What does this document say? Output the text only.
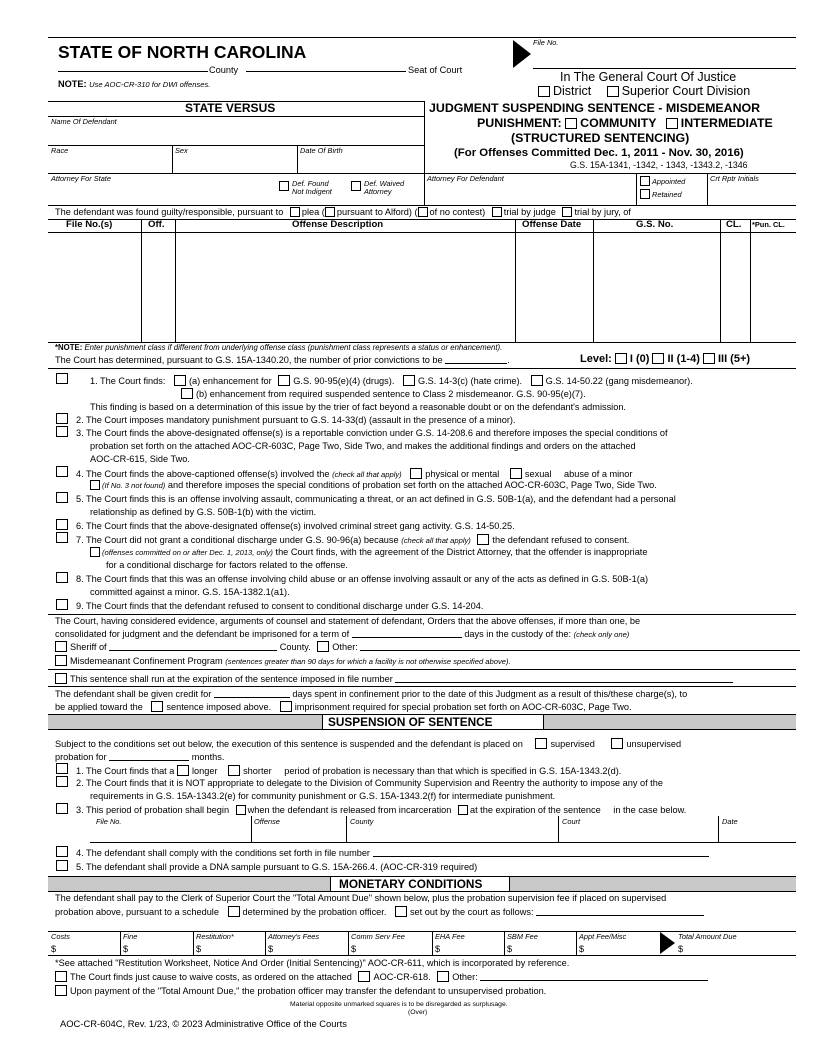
STATE OF NORTH CAROLINA
County	Seat of Court
NOTE: Use AOC-CR-310 for DWI offenses.
File No.
In The General Court Of Justice
District Superior Court Division
STATE VERSUS
Name Of Defendant
Race	Sex	Date Of Birth
Attorney For State
Def. Found
Not Indigent
Def. Waived
Attorney
JUDGMENT SUSPENDING SENTENCE - MISDEMEANOR
PUNISHMENT: COMMUNITY INTERMEDIATE
(STRUCTURED SENTENCING)
(For Offenses Committed Dec. 1, 2011 - Nov. 30, 2016)
G.S. 15A-1341, -1342, - 1343, -1343.2, -1346
Attorney For Defendant	Appointed
Retained
Crt Rptr Initials
The defendant was found guilty/responsible, pursuant to plea ( pursuant to Alford) ( of no contest) trial by judge trial by jury, of
File No.(s)	Off.	Offense Description	Offense Date	G.S. No.	CL. *Pun. CL.
*NOTE: Enter punishment class if different from underlying offense class (punishment class represents a status or enhancement).
The Court has determined, pursuant to G.S. 15A-1340.20, the number of prior convictions to be	.	Level: I (0) II (1-4) III (5+)
1. The Court finds:	(a) enhancement for G.S. 90-95(e)(4) (drugs).	G.S. 14-3(c) (hate crime).	G.S. 14-50.22 (gang misdemeanor).
(b) enhancement from required suspended sentence to Class 2 misdemeanor. G.S. 90-95(e)(7).
This finding is based on a determination of this issue by the trier of fact beyond a reasonable doubt or on the defendant's admission.
2. The Court imposes mandatory punishment pursuant to G.S. 14-33(d) (assault in the presence of a minor).
3. The Court finds the above-designated offense(s) is a reportable conviction under G.S. 14-208.6 and therefore imposes the special conditions of
probation set forth on the attached AOC-CR-603C, Page Two, Side Two, and makes the additional findings and orders on the attached
AOC-CR-615, Side Two.
4. The Court finds the above-captioned offense(s) involved the (check all that apply)	physical or mental	sexual abuse of a minor
(If No. 3 not found) and therefore imposes the special conditions of probation set forth on the attached AOC-CR-603C, Page Two, Side Two.
5. The Court finds this is an offense involving assault, communicating a threat, or an act defined in G.S. 50B-1(a), and the defendant had a personal
relationship as defined by G.S. 50B-1(b) with the victim.
6. The Court finds that the above-designated offense(s) involved criminal street gang activity. G.S. 14-50.25.
7. The Court did not grant a conditional discharge under G.S. 90-96(a) because (check all that apply) the defendant refused to consent.
(offenses committed on or after Dec. 1, 2013, only) the Court finds, with the agreement of the District Attorney, that the offender is inappropriate
for a conditional discharge for factors related to the offense.
8. The Court finds that this was an offense involving child abuse or an offense involving assault or any of the acts as defined in G.S. 50B-1(a)
committed against a minor. G.S. 15A-1382.1(a1).
9. The Court finds that the defendant refused to consent to conditional discharge under G.S. 14-204.
The Court, having considered evidence, arguments of counsel and statement of defendant, Orders that the above offenses, if more than one, be
consolidated for judgment and the defendant be imprisoned for a term of	days in the custody of the: (check only one)
Sheriff of	County. Other:
Misdemeanant Confinement Program (sentences greater than 90 days for which a facility is not otherwise specified above).
This sentence shall run at the expiration of the sentence imposed in file number
The defendant shall be given credit for	days spent in confinement prior to the date of this Judgment as a result of this/these charge(s), to
be applied toward the	sentence imposed above.	imprisonment required for special probation set forth on AOC-CR-603C, Page Two.
SUSPENSION OF SENTENCE
Subject to the conditions set out below, the execution of this sentence is suspended and the defendant is placed on	supervised	unsupervised
probation for	months.
1. The Court finds that a longer	shorter period of probation is necessary than that which is specified in G.S. 15A-1343.2(d).
2. The Court finds that it is NOT appropriate to delegate to the Division of Community Supervision and Reentry the authority to impose any of the
requirements in G.S. 15A-1343.2(e) for community punishment or G.S. 15A-1343.2(f) for intermediate punishment.
3. This period of probation shall begin when the defendant is released from incarceration at the expiration of the sentence in the case below.
File No.	Offense	County	Court	Date
4. The defendant shall comply with the conditions set forth in file number
5. The defendant shall provide a DNA sample pursuant to G.S. 15A-266.4. (AOC-CR-319 required)
MONETARY CONDITIONS
The defendant shall pay to the Clerk of Superior Court the "Total Amount Due" shown below, plus the probation supervision fee if placed on supervised
probation above, pursuant to a schedule	determined by the probation officer.	set out by the court as follows:
Costs
$
Fine
$
Restitution*
$
Attorney's Fees
$
Comm Serv Fee
$
EHA Fee
$
SBM Fee
$
Appt Fee/Misc
$
Total Amount Due
$
*See attached "Restitution Worksheet, Notice And Order (Initial Sentencing)" AOC-CR-611, which is incorporated by reference.
The Court finds just cause to waive costs, as ordered on the attached AOC-CR-618. Other:
Upon payment of the "Total Amount Due," the probation officer may transfer the defendant to unsupervised probation.
Material opposite unmarked squares is to be disregarded as surplusage.
(Over)
AOC-CR-604C, Rev. 1/23, © 2023 Administrative Office of the Courts
